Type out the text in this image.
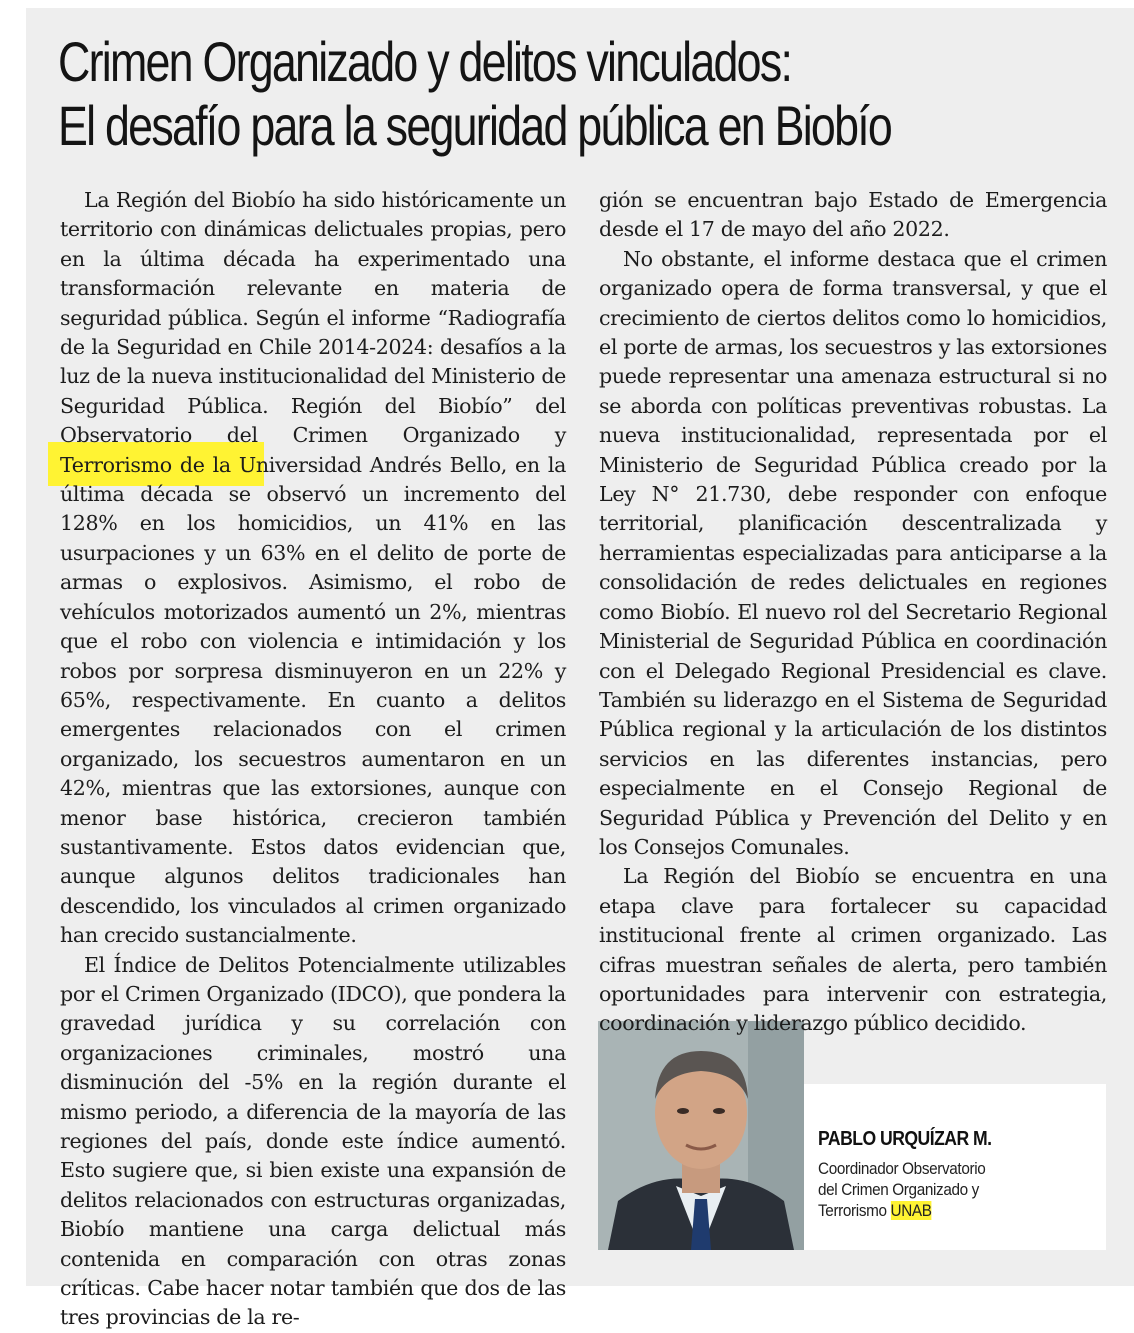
Crimen Organizado y delitos vinculados:
El desafío para la seguridad pública en Biobío

La Región del Biobío ha sido históricamente un territorio con dinámicas delictuales propias, pero en la última década ha experimentado una transformación relevante en materia de seguridad pública. Según el informe “Radiografía de la Seguridad en Chile 2014-2024: desafíos a la luz de la nueva institucionalidad del Ministerio de Seguridad Pública. Región del Biobío” del Observatorio del Crimen Organizado y Terrorismo de la Universidad Andrés Bello, en la última década se observó un incremento del 128% en los homicidios, un 41% en las usurpaciones y un 63% en el delito de porte de armas o explosivos. Asimismo, el robo de vehículos motorizados aumentó un 2%, mientras que el robo con violencia e intimidación y los robos por sorpresa disminuyeron en un 22% y 65%, respectivamente. En cuanto a delitos emergentes relacionados con el crimen organizado, los secuestros aumentaron en un 42%, mientras que las extorsiones, aunque con menor base histórica, crecieron también sustantivamente. Estos datos evidencian que, aunque algunos delitos tradicionales han descendido, los vinculados al crimen organizado han crecido sustancialmente.

El Índice de Delitos Potencialmente utilizables por el Crimen Organizado (IDCO), que pondera la gravedad jurídica y su correlación con organizaciones criminales, mostró una disminución del -5% en la región durante el mismo periodo, a diferencia de la mayoría de las regiones del país, donde este índice aumentó. Esto sugiere que, si bien existe una expansión de delitos relacionados con estructuras organizadas, Biobío mantiene una carga delictual más contenida en comparación con otras zonas críticas. Cabe hacer notar también que dos de las tres provincias de la re-

gión se encuentran bajo Estado de Emergencia desde el 17 de mayo del año 2022.

No obstante, el informe destaca que el crimen organizado opera de forma transversal, y que el crecimiento de ciertos delitos como lo homicidios, el porte de armas, los secuestros y las extorsiones puede representar una amenaza estructural si no se aborda con políticas preventivas robustas. La nueva institucionalidad, representada por el Ministerio de Seguridad Pública creado por la Ley N° 21.730, debe responder con enfoque territorial, planificación descentralizada y herramientas especializadas para anticiparse a la consolidación de redes delictuales en regiones como Biobío. El nuevo rol del Secretario Regional Ministerial de Seguridad Pública en coordinación con el Delegado Regional Presidencial es clave. También su liderazgo en el Sistema de Seguridad Pública regional y la articulación de los distintos servicios en las diferentes instancias, pero especialmente en el Consejo Regional de Seguridad Pública y Prevención del Delito y en los Consejos Comunales.

La Región del Biobío se encuentra en una etapa clave para fortalecer su capacidad institucional frente al crimen organizado. Las cifras muestran señales de alerta, pero también oportunidades para intervenir con estrategia, coordinación y liderazgo público decidido.

PABLO URQUÍZAR M.
Coordinador Observatorio
del Crimen Organizado y
Terrorismo UNAB
